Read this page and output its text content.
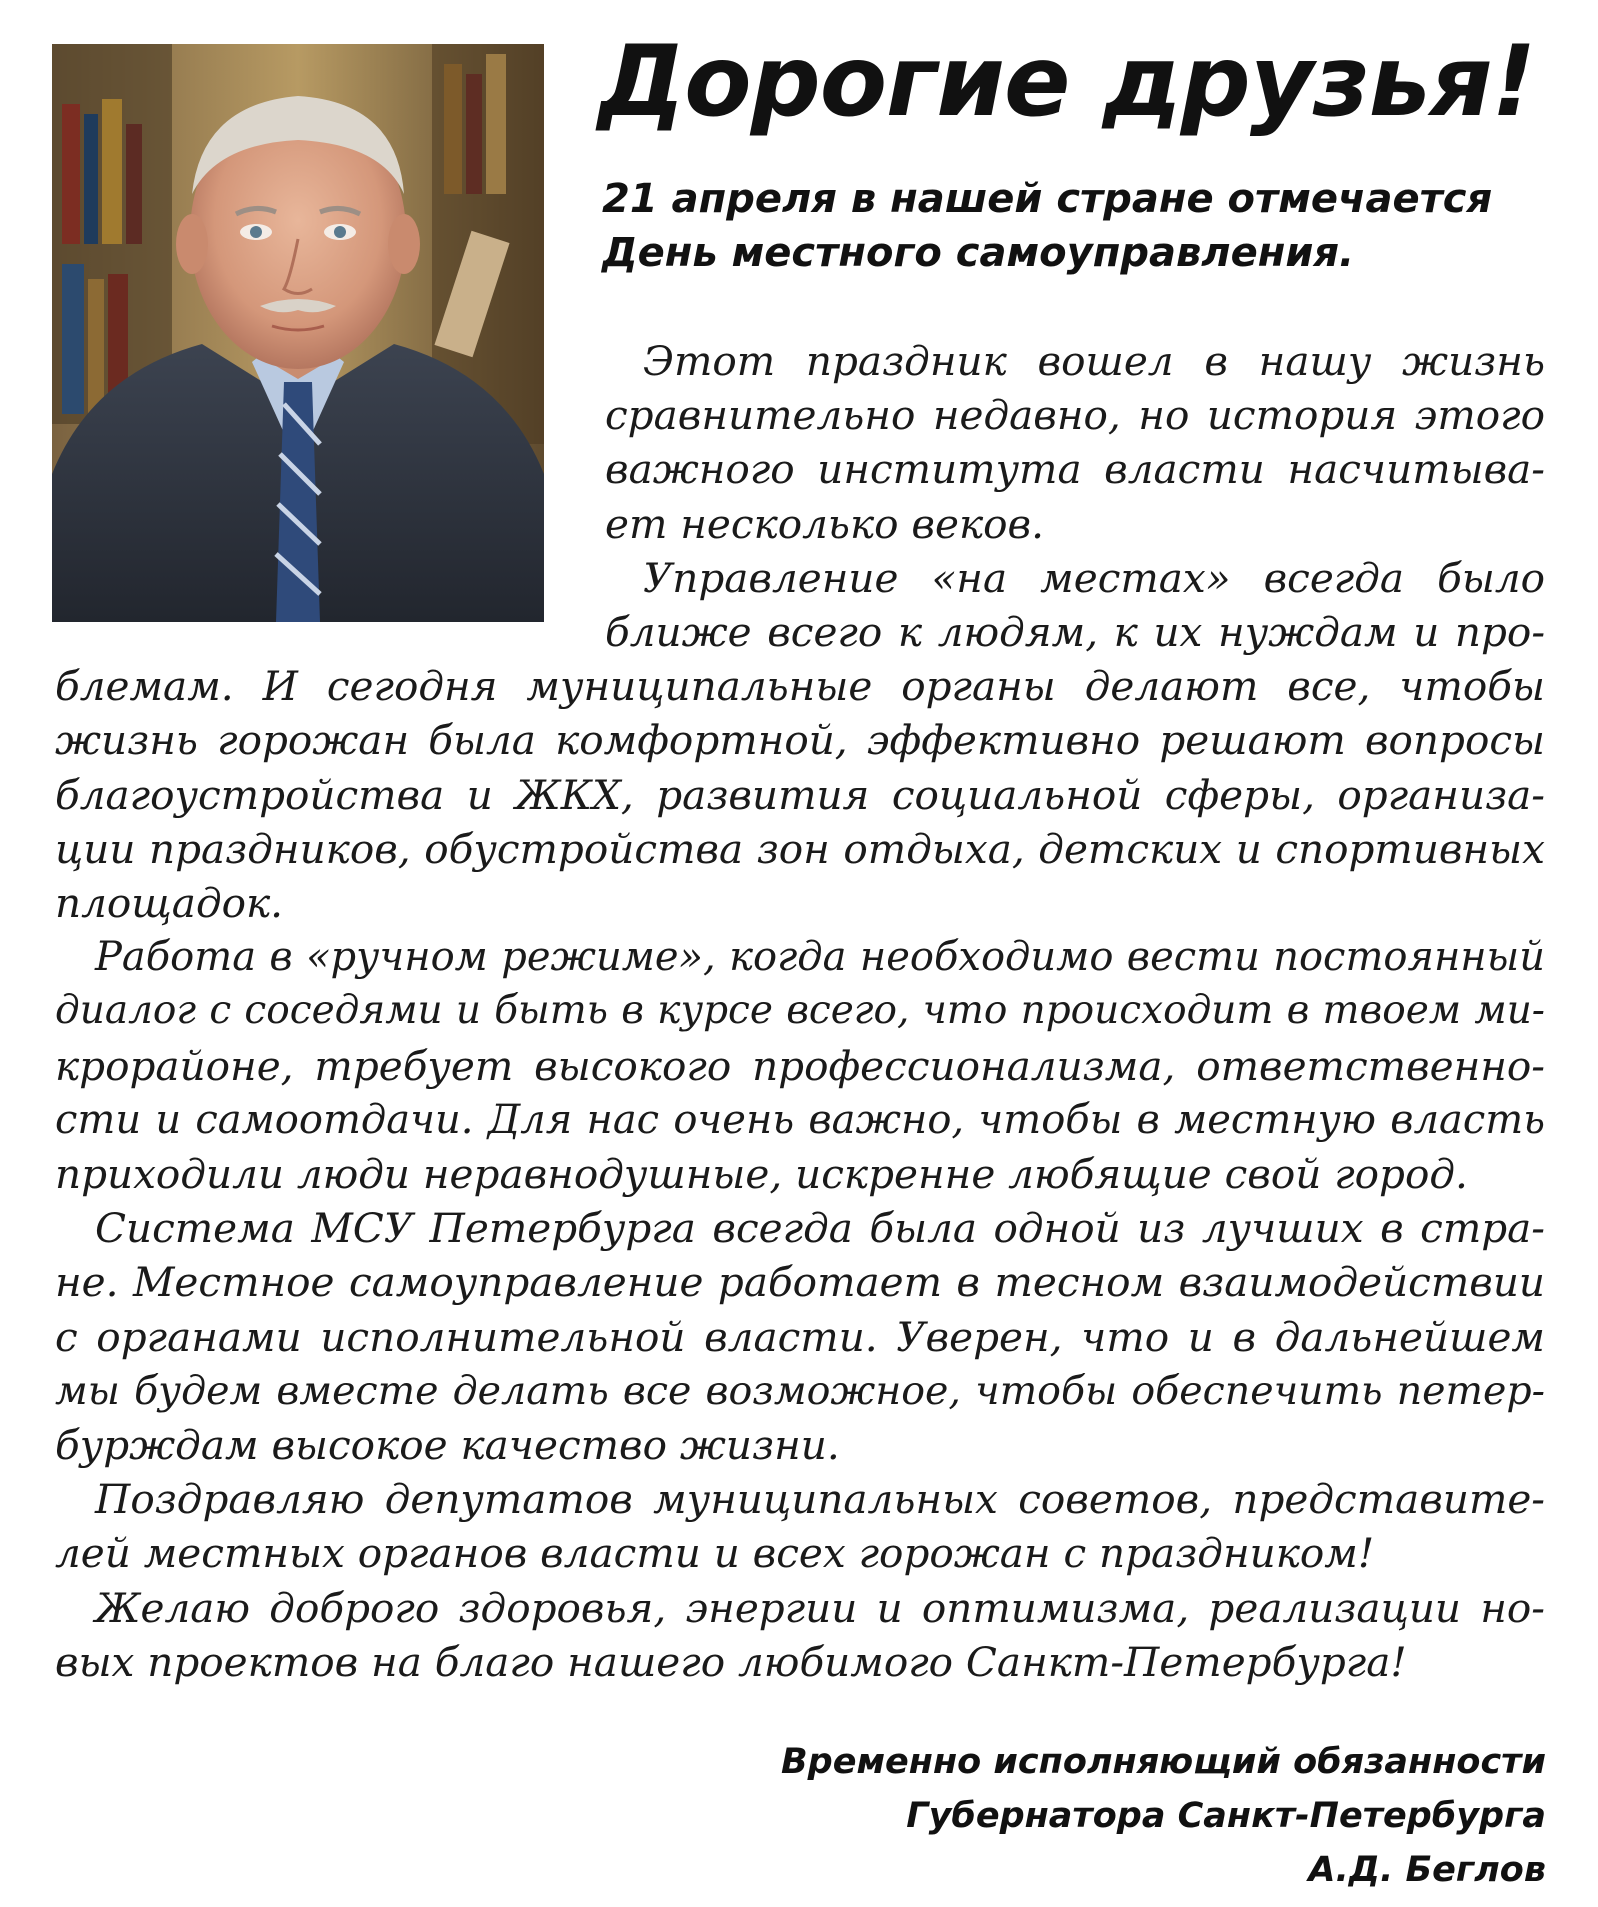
Дорогие друзья!
21 апреля в нашей стране отмечается
День местного самоуправления.
Этот праздник вошел в нашу жизнь
сравнительно недавно, но история этого
важного института власти насчитыва-
ет несколько веков.
Управление «на местах» всегда было
ближе всего к людям, к их нуждам и про-
блемам. И сегодня муниципальные органы делают все, чтобы
жизнь горожан была комфортной, эффективно решают вопросы
благоустройства и ЖКХ, развития социальной сферы, организа-
ции праздников, обустройства зон отдыха, детских и спортивных
площадок.
Работа в «ручном режиме», когда необходимо вести постоянный
диалог с соседями и быть в курсе всего, что происходит в твоем ми-
крорайоне, требует высокого профессионализма, ответственно-
сти и самоотдачи. Для нас очень важно, чтобы в местную власть
приходили люди неравнодушные, искренне любящие свой город.
Система МСУ Петербурга всегда была одной из лучших в стра-
не. Местное самоуправление работает в тесном взаимодействии
с органами исполнительной власти. Уверен, что и в дальнейшем
мы будем вместе делать все возможное, чтобы обеспечить петер-
бурждам высокое качество жизни.
Поздравляю депутатов муниципальных советов, представите-
лей местных органов власти и всех горожан с праздником!
Желаю доброго здоровья, энергии и оптимизма, реализации но-
вых проектов на благо нашего любимого Санкт-Петербурга!
Временно исполняющий обязанности
Губернатора Санкт-Петербурга
А.Д. Беглов
